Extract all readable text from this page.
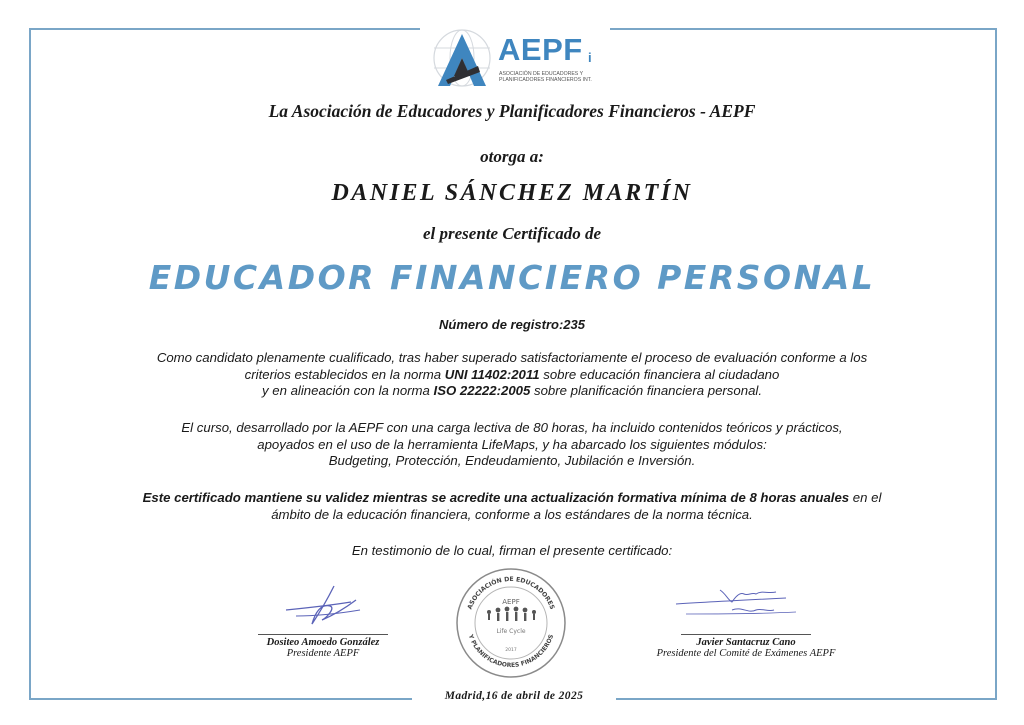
AEPF i
ASOCIACIÓN DE EDUCADORES Y PLANIFICADORES FINANCIEROS INT.
La Asociación de Educadores y Planificadores Financieros - AEPF
otorga a:
DANIEL SÁNCHEZ MARTÍN
el presente Certificado de
EDUCADOR FINANCIERO PERSONAL
Número de registro:235
Como candidato plenamente cualificado, tras haber superado satisfactoriamente el proceso de evaluación conforme a los
criterios establecidos en la norma UNI 11402:2011 sobre educación financiera al ciudadano
y en alineación con la norma ISO 22222:2005 sobre planificación financiera personal.
El curso, desarrollado por la AEPF con una carga lectiva de 80 horas, ha incluido contenidos teóricos y prácticos,
apoyados en el uso de la herramienta LifeMaps, y ha abarcado los siguientes módulos:
Budgeting, Protección, Endeudamiento, Jubilación e Inversión.
Este certificado mantiene su validez mientras se acredite una actualización formativa mínima de 8 horas anuales en el
ámbito de la educación financiera, conforme a los estándares de la norma técnica.
En testimonio de lo cual, firman el presente certificado:
Dositeo Amoedo González
Presidente AEPF
ASOCIACIÓN DE EDUCADORES
Y PLANIFICADORES FINANCIEROS
AEPF
Life Cycle
2017
Javier Santacruz Cano
Presidente del Comité de Exámenes AEPF
Madrid,16 de abril de 2025
